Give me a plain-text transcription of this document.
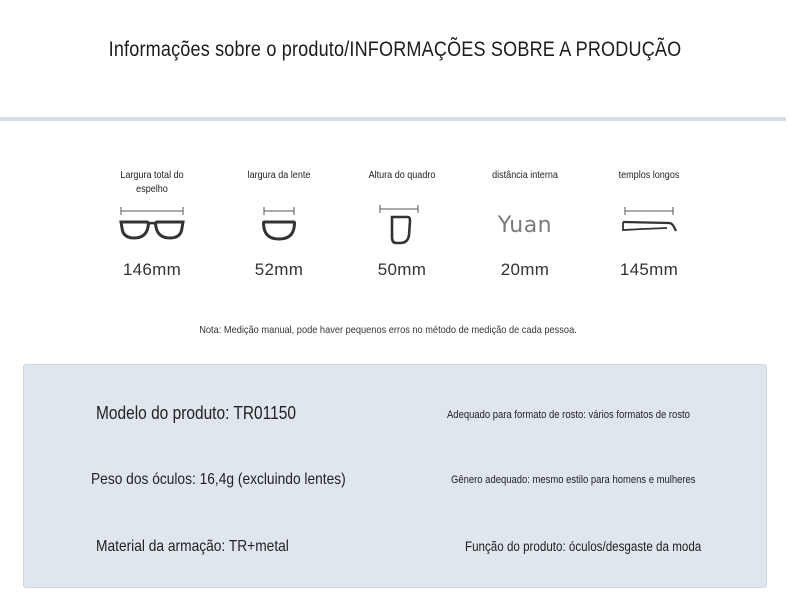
Informações sobre o produto/INFORMAÇÕES SOBRE A PRODUÇÃO
Largura total do espelho
146mm
largura da lente
52mm
Altura do quadro
50mm
distância interna
Yuan
20mm
templos longos
145mm
Nota: Medição manual, pode haver pequenos erros no método de medição de cada pessoa.
Modelo do produto: TR01150	Adequado para formato de rosto: vários formatos de rosto
Peso dos óculos: 16,4g (excluindo lentes)	Gênero adequado: mesmo estilo para homens e mulheres
Material da armação: TR+metal	Função do produto: óculos/desgaste da moda
